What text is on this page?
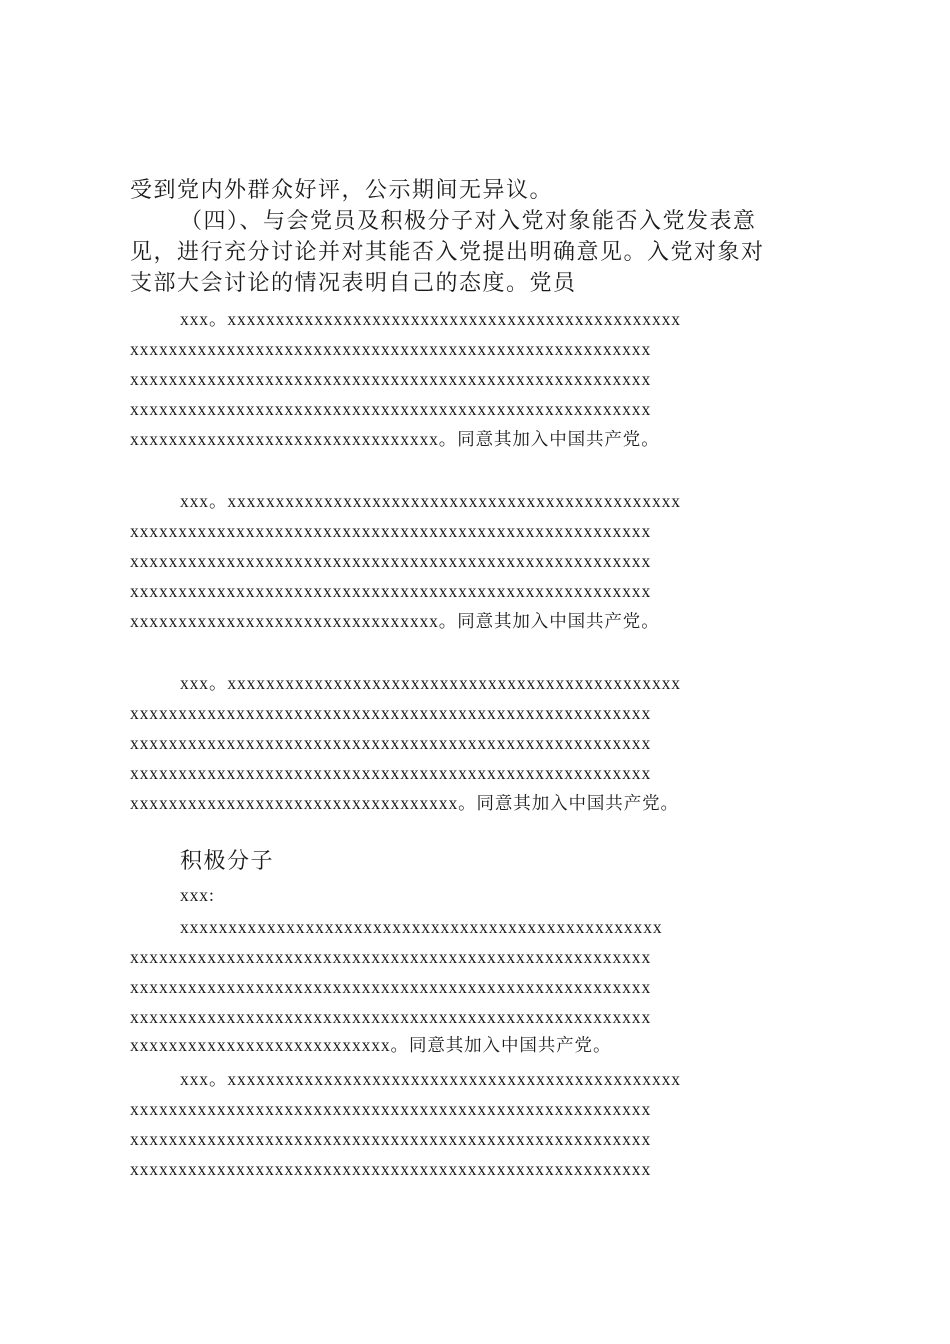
受到党内外群众好评，公示期间无异议。
（四）、与会党员及积极分子对入党对象能否入党发表意
见，进行充分讨论并对其能否入党提出明确意见。入党对象对
支部大会讨论的情况表明自己的态度。党员
xxx。xxxxxxxxxxxxxxxxxxxxxxxxxxxxxxxxxxxxxxxxxxxxxxx
xxxxxxxxxxxxxxxxxxxxxxxxxxxxxxxxxxxxxxxxxxxxxxxxxxxxxx
xxxxxxxxxxxxxxxxxxxxxxxxxxxxxxxxxxxxxxxxxxxxxxxxxxxxxx
xxxxxxxxxxxxxxxxxxxxxxxxxxxxxxxxxxxxxxxxxxxxxxxxxxxxxx
xxxxxxxxxxxxxxxxxxxxxxxxxxxxxxxx。同意其加入中国共产党。
xxx。xxxxxxxxxxxxxxxxxxxxxxxxxxxxxxxxxxxxxxxxxxxxxxx
xxxxxxxxxxxxxxxxxxxxxxxxxxxxxxxxxxxxxxxxxxxxxxxxxxxxxx
xxxxxxxxxxxxxxxxxxxxxxxxxxxxxxxxxxxxxxxxxxxxxxxxxxxxxx
xxxxxxxxxxxxxxxxxxxxxxxxxxxxxxxxxxxxxxxxxxxxxxxxxxxxxx
xxxxxxxxxxxxxxxxxxxxxxxxxxxxxxxx。同意其加入中国共产党。
xxx。xxxxxxxxxxxxxxxxxxxxxxxxxxxxxxxxxxxxxxxxxxxxxxx
xxxxxxxxxxxxxxxxxxxxxxxxxxxxxxxxxxxxxxxxxxxxxxxxxxxxxx
xxxxxxxxxxxxxxxxxxxxxxxxxxxxxxxxxxxxxxxxxxxxxxxxxxxxxx
xxxxxxxxxxxxxxxxxxxxxxxxxxxxxxxxxxxxxxxxxxxxxxxxxxxxxx
xxxxxxxxxxxxxxxxxxxxxxxxxxxxxxxxxx。同意其加入中国共产党。
积极分子
xxx:
xxxxxxxxxxxxxxxxxxxxxxxxxxxxxxxxxxxxxxxxxxxxxxxxxx
xxxxxxxxxxxxxxxxxxxxxxxxxxxxxxxxxxxxxxxxxxxxxxxxxxxxxx
xxxxxxxxxxxxxxxxxxxxxxxxxxxxxxxxxxxxxxxxxxxxxxxxxxxxxx
xxxxxxxxxxxxxxxxxxxxxxxxxxxxxxxxxxxxxxxxxxxxxxxxxxxxxx
xxxxxxxxxxxxxxxxxxxxxxxxxxx。同意其加入中国共产党。
xxx。xxxxxxxxxxxxxxxxxxxxxxxxxxxxxxxxxxxxxxxxxxxxxxx
xxxxxxxxxxxxxxxxxxxxxxxxxxxxxxxxxxxxxxxxxxxxxxxxxxxxxx
xxxxxxxxxxxxxxxxxxxxxxxxxxxxxxxxxxxxxxxxxxxxxxxxxxxxxx
xxxxxxxxxxxxxxxxxxxxxxxxxxxxxxxxxxxxxxxxxxxxxxxxxxxxxx
